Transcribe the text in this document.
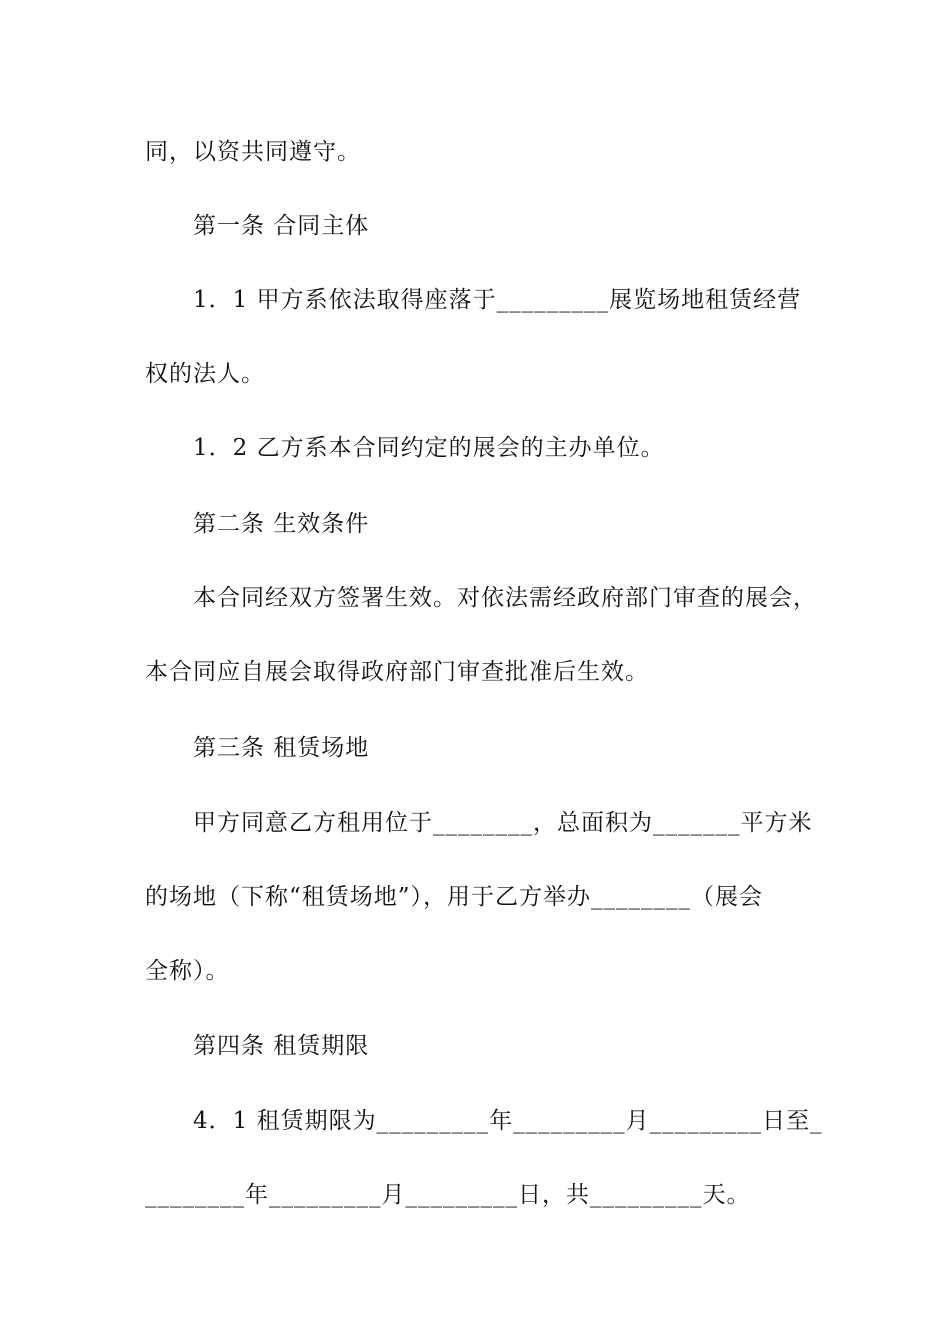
同，以资共同遵守。
第一条 合同主体
1．1 甲方系依法取得座落于_________展览场地租赁经营
权的法人。
1．2 乙方系本合同约定的展会的主办单位。
第二条 生效条件
本合同经双方签署生效。对依法需经政府部门审查的展会，
本合同应自展会取得政府部门审查批准后生效。
第三条 租赁场地
甲方同意乙方租用位于________，总面积为_______平方米
的场地（下称“租赁场地”），用于乙方举办________（展会
全称）。
第四条 租赁期限
4．1 租赁期限为_________年_________月_________日至_
________年_________月_________日，共_________天。
